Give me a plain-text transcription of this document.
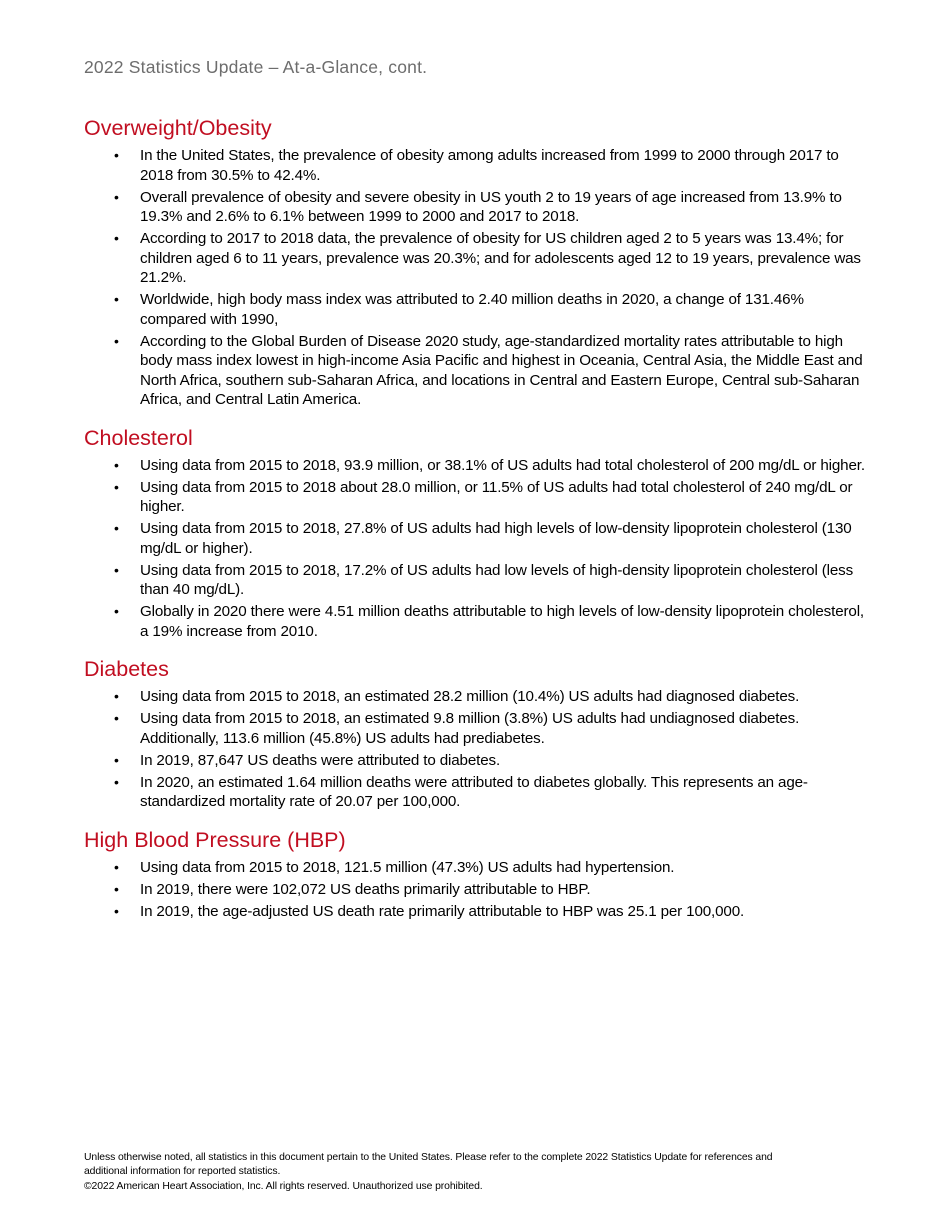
2022 Statistics Update – At-a-Glance, cont.
Overweight/Obesity
• In the United States, the prevalence of obesity among adults increased from 1999 to 2000 through 2017 to 2018 from 30.5% to 42.4%.
• Overall prevalence of obesity and severe obesity in US youth 2 to 19 years of age increased from 13.9% to 19.3% and 2.6% to 6.1% between 1999 to 2000 and 2017 to 2018.
• According to 2017 to 2018 data, the prevalence of obesity for US children aged 2 to 5 years was 13.4%; for children aged 6 to 11 years, prevalence was 20.3%; and for adolescents aged 12 to 19 years, prevalence was 21.2%.
• Worldwide, high body mass index was attributed to 2.40 million deaths in 2020, a change of 131.46% compared with 1990,
• According to the Global Burden of Disease 2020 study, age-standardized mortality rates attributable to high body mass index lowest in high-income Asia Pacific and highest in Oceania, Central Asia, the Middle East and North Africa, southern sub-Saharan Africa, and locations in Central and Eastern Europe, Central sub-Saharan Africa, and Central Latin America.
Cholesterol
• Using data from 2015 to 2018, 93.9 million, or 38.1% of US adults had total cholesterol of 200 mg/dL or higher.
• Using data from 2015 to 2018 about 28.0 million, or 11.5% of US adults had total cholesterol of 240 mg/dL or higher.
• Using data from 2015 to 2018, 27.8% of US adults had high levels of low-density lipoprotein cholesterol (130 mg/dL or higher).
• Using data from 2015 to 2018, 17.2% of US adults had low levels of high-density lipoprotein cholesterol (less than 40 mg/dL).
• Globally in 2020 there were 4.51 million deaths attributable to high levels of low-density lipoprotein cholesterol, a 19% increase from 2010.
Diabetes
• Using data from 2015 to 2018, an estimated 28.2 million (10.4%) US adults had diagnosed diabetes.
• Using data from 2015 to 2018, an estimated 9.8 million (3.8%) US adults had undiagnosed diabetes. Additionally, 113.6 million (45.8%) US adults had prediabetes.
• In 2019, 87,647 US deaths were attributed to diabetes.
• In 2020, an estimated 1.64 million deaths were attributed to diabetes globally. This represents an age-standardized mortality rate of 20.07 per 100,000.
High Blood Pressure (HBP)
• Using data from 2015 to 2018, 121.5 million (47.3%) US adults had hypertension.
• In 2019, there were 102,072 US deaths primarily attributable to HBP.
• In 2019, the age-adjusted US death rate primarily attributable to HBP was 25.1 per 100,000.
Unless otherwise noted, all statistics in this document pertain to the United States. Please refer to the complete 2022 Statistics Update for references and
additional information for reported statistics.
©2022 American Heart Association, Inc. All rights reserved. Unauthorized use prohibited.
